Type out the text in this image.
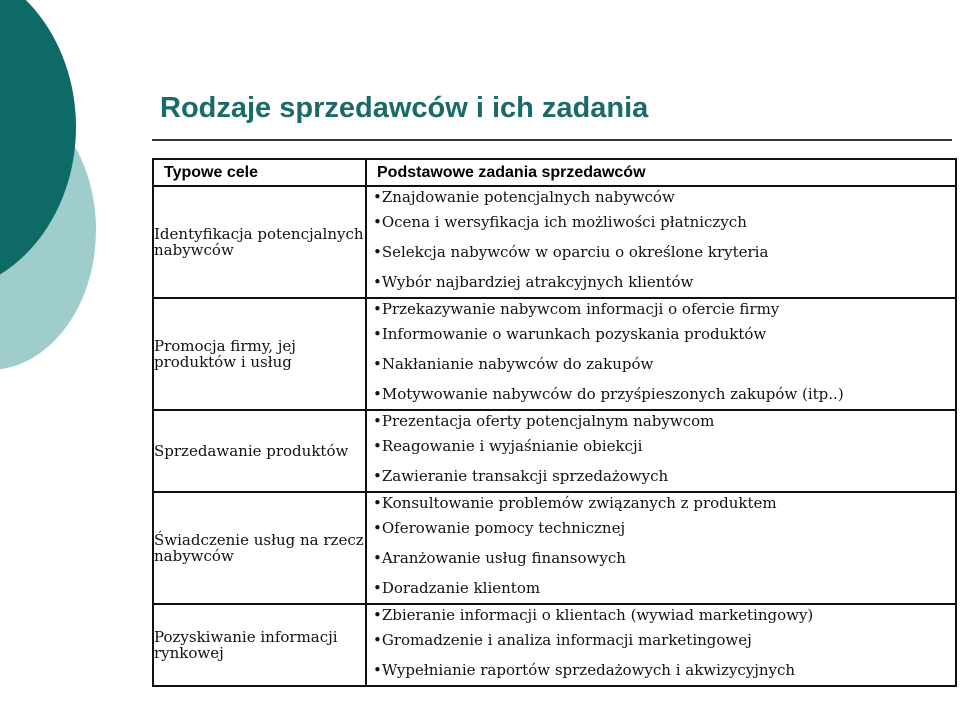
Rodzaje sprzedawców i ich zadania
Typowe cele	Podstawowe zadania sprzedawców
Identyfikacja potencjalnych nabywców	•Znajdowanie potencjalnych nabywców
•Ocena i wersyfikacja ich możliwości płatniczych
•Selekcja nabywców w oparciu o określone kryteria
•Wybór najbardziej atrakcyjnych klientów

Promocja firmy, jej produktów i usług	•Przekazywanie nabywcom informacji o ofercie firmy
•Informowanie o warunkach pozyskania produktów
•Nakłanianie nabywców do zakupów
•Motywowanie nabywców do przyśpieszonych zakupów (itp..)

Sprzedawanie produktów	•Prezentacja oferty potencjalnym nabywcom
•Reagowanie i wyjaśnianie obiekcji
•Zawieranie transakcji sprzedażowych

Świadczenie usług na rzecz nabywców	•Konsultowanie problemów związanych z produktem
•Oferowanie pomocy technicznej
•Aranżowanie usług finansowych
•Doradzanie klientom

Pozyskiwanie informacji rynkowej	•Zbieranie informacji o klientach (wywiad marketingowy)
•Gromadzenie i analiza informacji marketingowej
•Wypełnianie raportów sprzedażowych i akwizycyjnych
